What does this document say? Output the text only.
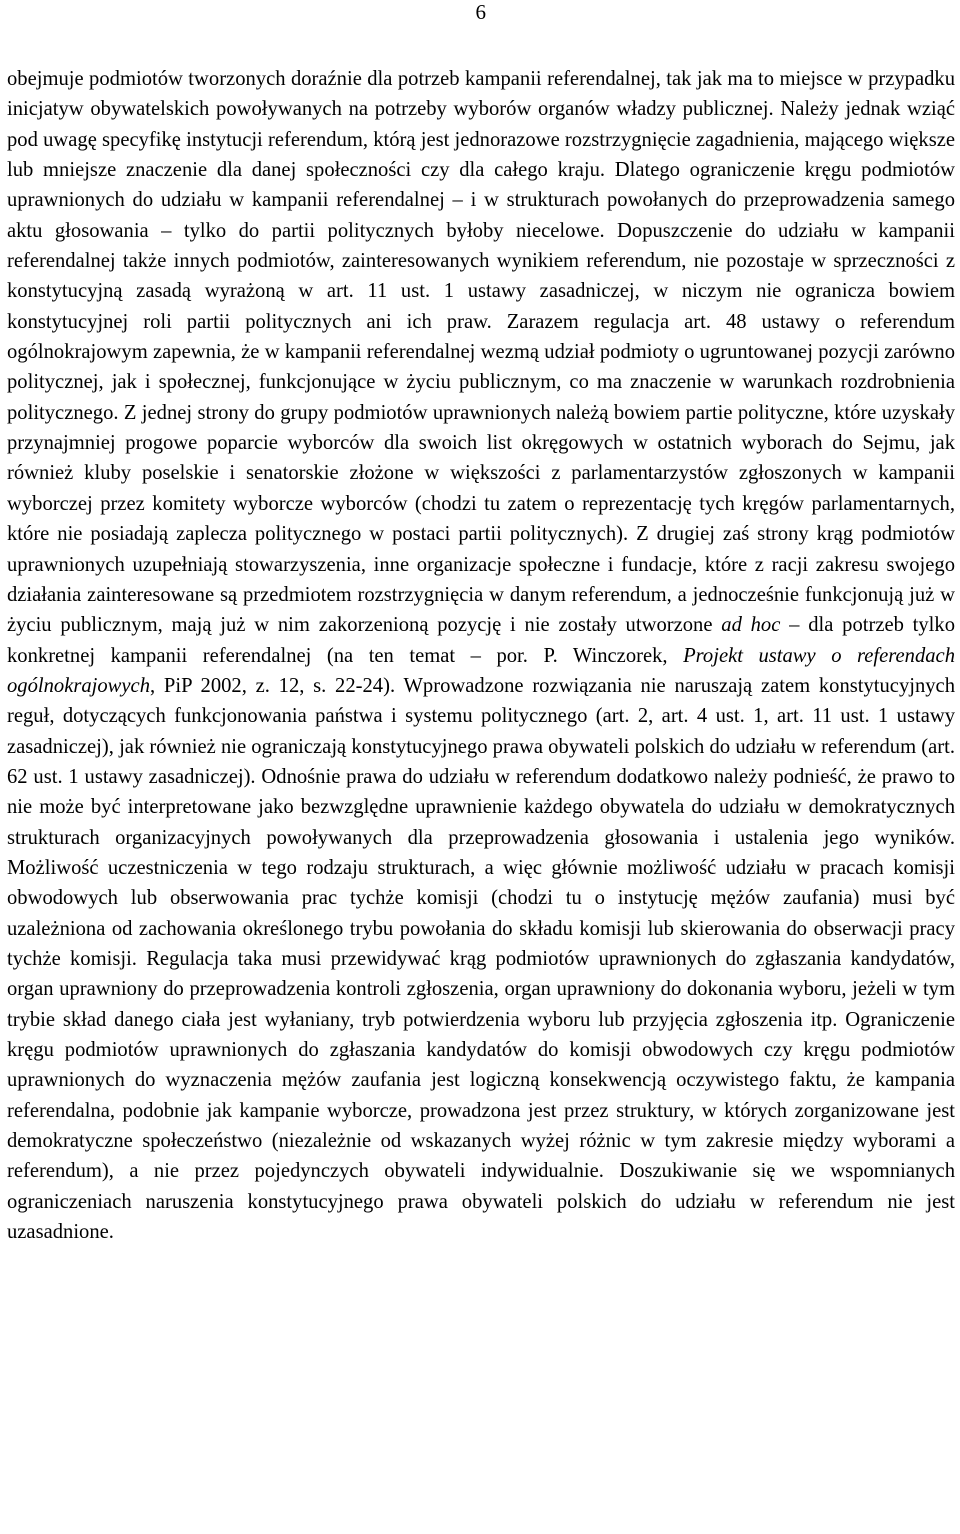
6

obejmuje podmiotów tworzonych doraźnie dla potrzeb kampanii referendalnej, tak jak ma to miejsce w przypadku inicjatyw obywatelskich powoływanych na potrzeby wyborów organów władzy publicznej. Należy jednak wziąć pod uwagę specyfikę instytucji referendum, którą jest jednorazowe rozstrzygnięcie zagadnienia, mającego większe lub mniejsze znaczenie dla danej społeczności czy dla całego kraju. Dlatego ograniczenie kręgu podmiotów uprawnionych do udziału w kampanii referendalnej – i w strukturach powołanych do przeprowadzenia samego aktu głosowania – tylko do partii politycznych byłoby niecelowe. Dopuszczenie do udziału w kampanii referendalnej także innych podmiotów, zainteresowanych wynikiem referendum, nie pozostaje w sprzeczności z konstytucyjną zasadą wyrażoną w art. 11 ust. 1 ustawy zasadniczej, w niczym nie ogranicza bowiem konstytucyjnej roli partii politycznych ani ich praw. Zarazem regulacja art. 48 ustawy o referendum ogólnokrajowym zapewnia, że w kampanii referendalnej wezmą udział podmioty o ugruntowanej pozycji zarówno politycznej, jak i społecznej, funkcjonujące w życiu publicznym, co ma znaczenie w warunkach rozdrobnienia politycznego. Z jednej strony do grupy podmiotów uprawnionych należą bowiem partie polityczne, które uzyskały przynajmniej progowe poparcie wyborców dla swoich list okręgowych w ostatnich wyborach do Sejmu, jak również kluby poselskie i senatorskie złożone w większości z parlamentarzystów zgłoszonych w kampanii wyborczej przez komitety wyborcze wyborców (chodzi tu zatem o reprezentację tych kręgów parlamentarnych, które nie posiadają zaplecza politycznego w postaci partii politycznych). Z drugiej zaś strony krąg podmiotów uprawnionych uzupełniają stowarzyszenia, inne organizacje społeczne i fundacje, które z racji zakresu swojego działania zainteresowane są przedmiotem rozstrzygnięcia w danym referendum, a jednocześnie funkcjonują już w życiu publicznym, mają już w nim zakorzenioną pozycję i nie zostały utworzone ad hoc – dla potrzeb tylko konkretnej kampanii referendalnej (na ten temat – por. P. Winczorek, Projekt ustawy o referendach ogólnokrajowych, PiP 2002, z. 12, s. 22-24). Wprowadzone rozwiązania nie naruszają zatem konstytucyjnych reguł, dotyczących funkcjonowania państwa i systemu politycznego (art. 2, art. 4 ust. 1, art. 11 ust. 1 ustawy zasadniczej), jak również nie ograniczają konstytucyjnego prawa obywateli polskich do udziału w referendum (art. 62 ust. 1 ustawy zasadniczej). Odnośnie prawa do udziału w referendum dodatkowo należy podnieść, że prawo to nie może być interpretowane jako bezwzględne uprawnienie każdego obywatela do udziału w demokratycznych strukturach organizacyjnych powoływanych dla przeprowadzenia głosowania i ustalenia jego wyników. Możliwość uczestniczenia w tego rodzaju strukturach, a więc głównie możliwość udziału w pracach komisji obwodowych lub obserwowania prac tychże komisji (chodzi tu o instytucję mężów zaufania) musi być uzależniona od zachowania określonego trybu powołania do składu komisji lub skierowania do obserwacji pracy tychże komisji. Regulacja taka musi przewidywać krąg podmiotów uprawnionych do zgłaszania kandydatów, organ uprawniony do przeprowadzenia kontroli zgłoszenia, organ uprawniony do dokonania wyboru, jeżeli w tym trybie skład danego ciała jest wyłaniany, tryb potwierdzenia wyboru lub przyjęcia zgłoszenia itp. Ograniczenie kręgu podmiotów uprawnionych do zgłaszania kandydatów do komisji obwodowych czy kręgu podmiotów uprawnionych do wyznaczenia mężów zaufania jest logiczną konsekwencją oczywistego faktu, że kampania referendalna, podobnie jak kampanie wyborcze, prowadzona jest przez struktury, w których zorganizowane jest demokratyczne społeczeństwo (niezależnie od wskazanych wyżej różnic w tym zakresie między wyborami a referendum), a nie przez pojedynczych obywateli indywidualnie. Doszukiwanie się we wspomnianych ograniczeniach naruszenia konstytucyjnego prawa obywateli polskich do udziału w referendum nie jest uzasadnione.
